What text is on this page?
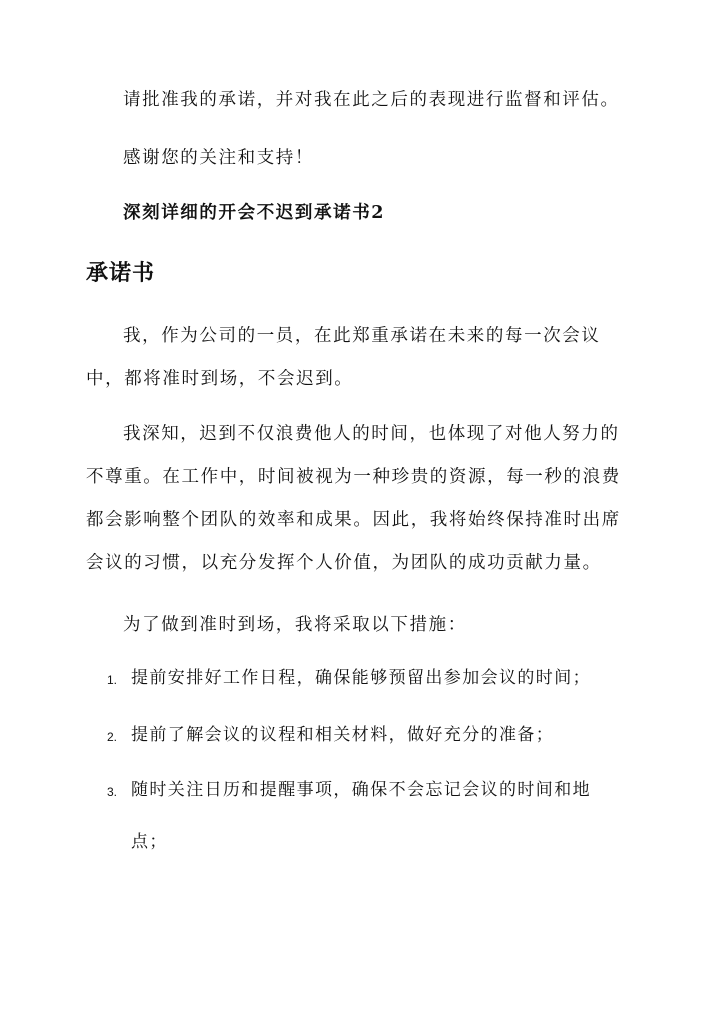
请批准我的承诺，并对我在此之后的表现进行监督和评估。

感谢您的关注和支持！

深刻详细的开会不迟到承诺书2

承诺书

我，作为公司的一员，在此郑重承诺在未来的每一次会议中，都将准时到场，不会迟到。

我深知，迟到不仅浪费他人的时间，也体现了对他人努力的不尊重。在工作中，时间被视为一种珍贵的资源，每一秒的浪费都会影响整个团队的效率和成果。因此，我将始终保持准时出席会议的习惯，以充分发挥个人价值，为团队的成功贡献力量。

为了做到准时到场，我将采取以下措施：

1. 提前安排好工作日程，确保能够预留出参加会议的时间；
2. 提前了解会议的议程和相关材料，做好充分的准备；
3. 随时关注日历和提醒事项，确保不会忘记会议的时间和地点；
